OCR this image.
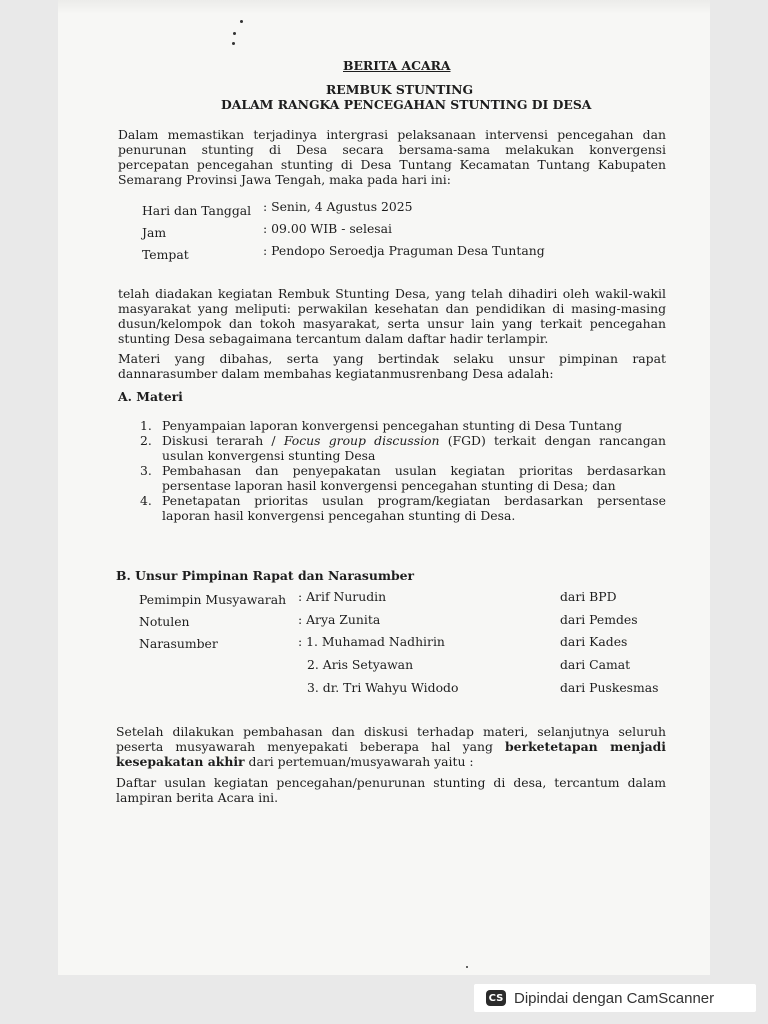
BERITA ACARA
REMBUK STUNTING
DALAM RANGKA PENCEGAHAN STUNTING DI DESA
Dalam memastikan terjadinya intergrasi pelaksanaan intervensi pencegahan dan
penurunan stunting di Desa secara bersama-sama melakukan konvergensi
percepatan pencegahan stunting di Desa Tuntang Kecamatan Tuntang Kabupaten
Semarang Provinsi Jawa Tengah, maka pada hari ini:
Hari dan Tanggal : Senin, 4 Agustus 2025
Jam	: 09.00 WIB - selesai
Tempat	: Pendopo Seroedja Praguman Desa Tuntang
telah diadakan kegiatan Rembuk Stunting Desa, yang telah dihadiri oleh wakil-wakil
masyarakat yang meliputi: perwakilan kesehatan dan pendidikan di masing-masing
dusun/kelompok dan tokoh masyarakat, serta unsur lain yang terkait pencegahan
stunting Desa sebagaimana tercantum dalam daftar hadir terlampir.
Materi yang dibahas, serta yang bertindak selaku unsur pimpinan rapat
dannarasumber dalam membahas kegiatanmusrenbang Desa adalah:
A. Materi
1. Penyampaian laporan konvergensi pencegahan stunting di Desa Tuntang
2. Diskusi terarah / Focus group discussion (FGD) terkait dengan rancangan
usulan konvergensi stunting Desa
3. Pembahasan dan penyepakatan usulan kegiatan prioritas berdasarkan
persentase laporan hasil konvergensi pencegahan stunting di Desa; dan
4. Penetapatan prioritas usulan program/kegiatan berdasarkan persentase
laporan hasil konvergensi pencegahan stunting di Desa.
B. Unsur Pimpinan Rapat dan Narasumber
Pemimpin Musyawarah : Arif Nurudin	dari BPD
Notulen	: Arya Zunita	dari Pemdes
Narasumber	: 1. Muhamad Nadhirin	dari Kades
2. Aris Setyawan	dari Camat
3. dr. Tri Wahyu Widodo	dari Puskesmas
Setelah dilakukan pembahasan dan diskusi terhadap materi, selanjutnya seluruh
peserta musyawarah menyepakati beberapa hal yang berketetapan menjadi
kesepakatan akhir dari pertemuan/musyawarah yaitu :
Daftar usulan kegiatan pencegahan/penurunan stunting di desa, tercantum dalam
lampiran berita Acara ini.
CS Dipindai dengan CamScanner
